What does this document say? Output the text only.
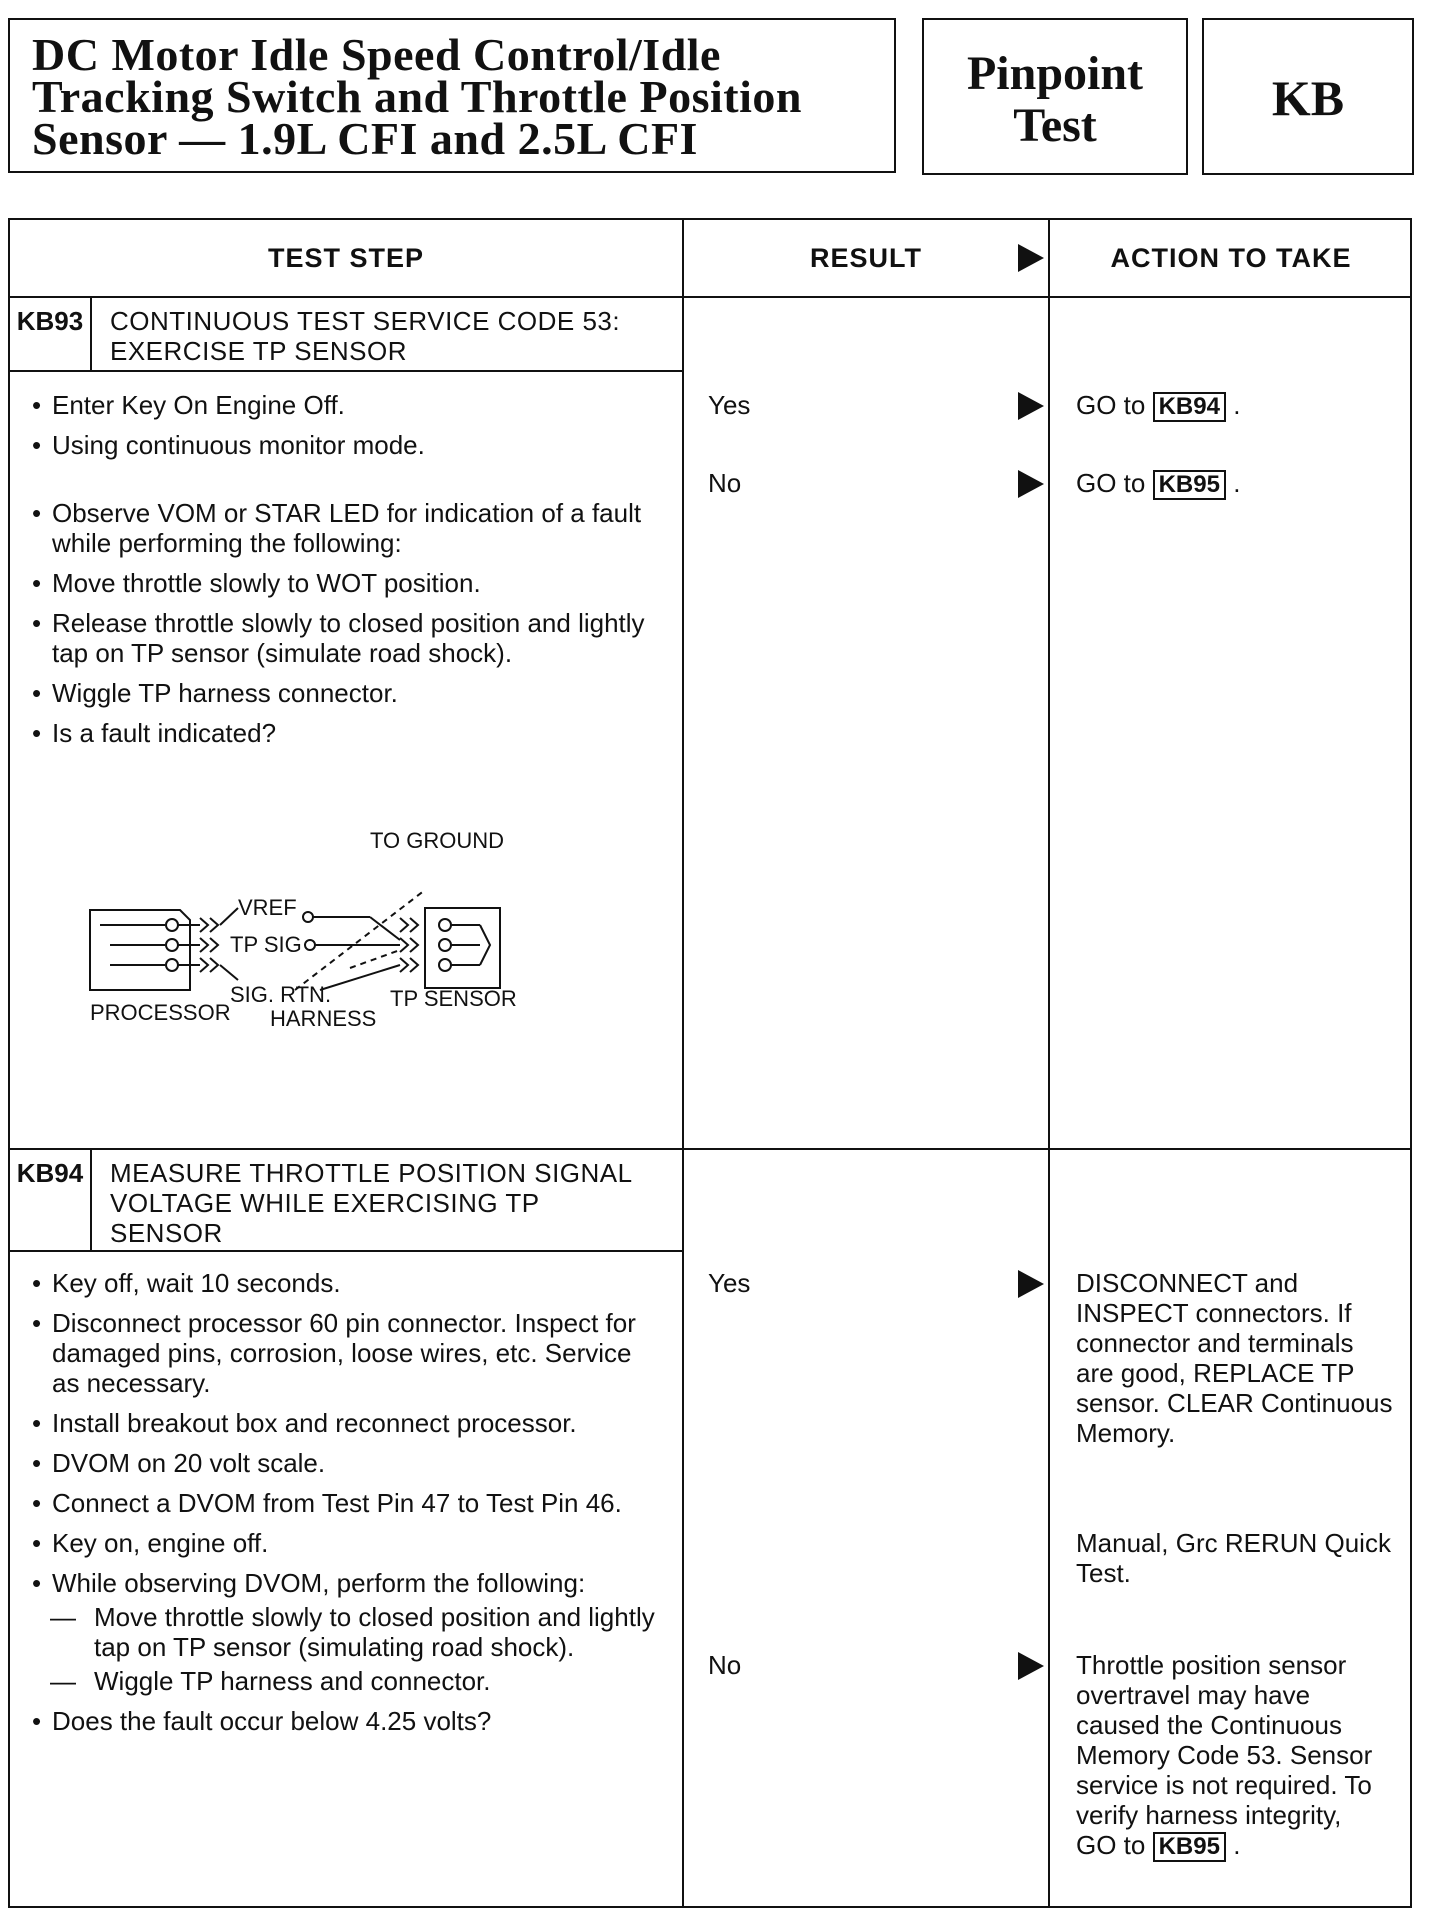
DC Motor Idle Speed Control/Idle
Tracking Switch and Throttle Position
Sensor — 1.9L CFI and 2.5L CFI
Pinpoint
Test	KB
TEST STEP	RESULT	ACTION TO TAKE
KB93 CONTINUOUS TEST SERVICE CODE 53:
EXERCISE TP SENSOR
• Enter Key On Engine Off.
• Using continuous monitor mode.
• Observe VOM or STAR LED for indication of a fault while performing the following:
• Move throttle slowly to WOT position.
• Release throttle slowly to closed position and lightly tap on TP sensor (simulate road shock).
• Wiggle TP harness connector.
• Is a fault indicated?
TO GROUND
VREF
TP SIG
SIG. RTN.
PROCESSOR HARNESS
TP SENSOR
Yes	GO to KB94 .
No	GO to KB95 .
KB94 MEASURE THROTTLE POSITION SIGNAL
VOLTAGE WHILE EXERCISING TP
SENSOR
• Key off, wait 10 seconds.
• Disconnect processor 60 pin connector. Inspect for damaged pins, corrosion, loose wires, etc. Service as necessary.
• Install breakout box and reconnect processor.
• DVOM on 20 volt scale.
• Connect a DVOM from Test Pin 47 to Test Pin 46.
• Key on, engine off.
• While observing DVOM, perform the following:
— Move throttle slowly to closed position and lightly tap on TP sensor (simulating road shock).
— Wiggle TP harness and connector.
• Does the fault occur below 4.25 volts?
Yes	DISCONNECT and INSPECT connectors. If connector and terminals are good, REPLACE TP sensor. CLEAR Continuous Memory.
Manual, Grc RERUN Quick Test.
No	Throttle position sensor overtravel may have caused the Continuous Memory Code 53. Sensor service is not required. To verify harness integrity,
GO to KB95 .
